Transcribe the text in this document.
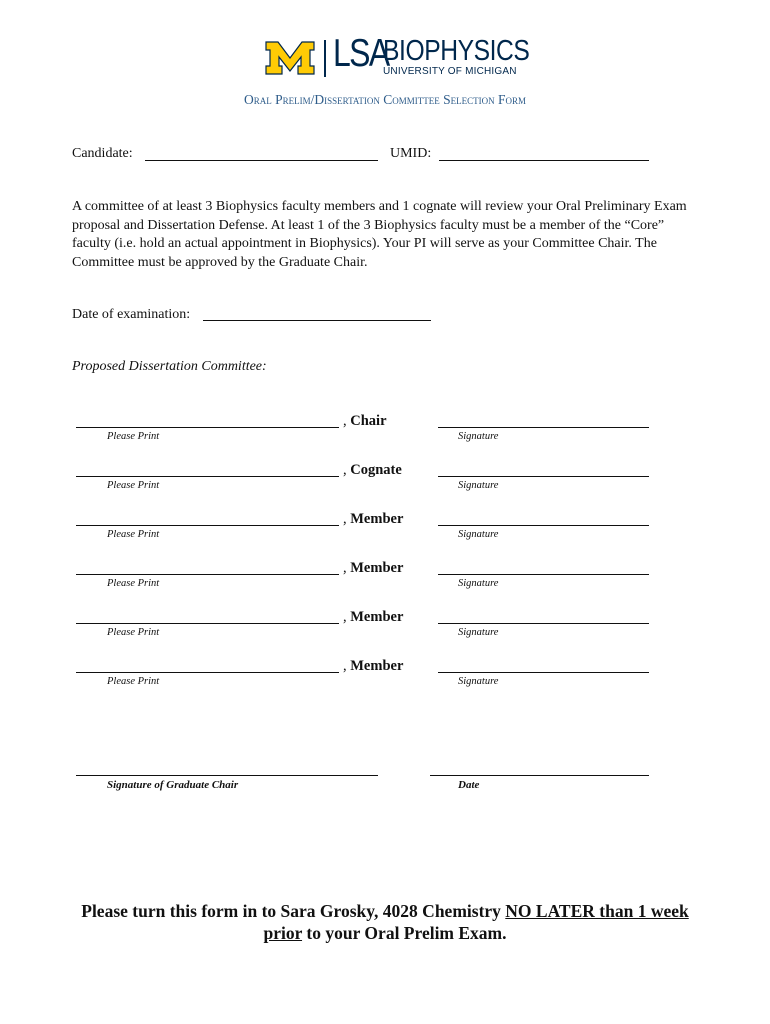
LSA
BIOPHYSICS
UNIVERSITY OF MICHIGAN
Oral Prelim/Dissertation Committee Selection Form
Candidate:	UMID:
A committee of at least 3 Biophysics faculty members and 1 cognate will review your Oral Preliminary Exam proposal and Dissertation Defense. At least 1 of the 3 Biophysics faculty must be a member of the “Core” faculty (i.e. hold an actual appointment in Biophysics). Your PI will serve as your Committee Chair. The Committee must be approved by the Graduate Chair.
Date of examination:
Proposed Dissertation Committee:
, Chair
Please Print	Signature
, Cognate
Please Print	Signature
, Member
Please Print	Signature
, Member
Please Print	Signature
, Member
Please Print	Signature
, Member
Please Print	Signature
Signature of Graduate Chair	Date
Please turn this form in to Sara Grosky, 4028 Chemistry NO LATER than 1 week
prior to your Oral Prelim Exam.
